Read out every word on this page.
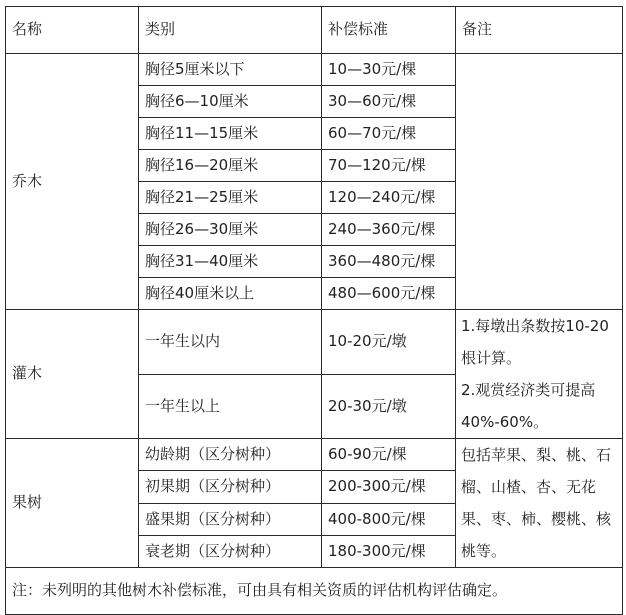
名称	类别	补偿标准	备注
乔木	胸径5厘米以下	10—30元/棵	
	胸径6—10厘米	30—60元/棵	
	胸径11—15厘米	60—70元/棵	
	胸径16—20厘米	70—120元/棵	
	胸径21—25厘米	120—240元/棵	
	胸径26—30厘米	240—360元/棵	
	胸径31—40厘米	360—480元/棵	
	胸径40厘米以上	480—600元/棵	
灌木	一年生以内	10-20元/墩	1.每墩出条数按10-20根计算。
2.观赏经济类可提高40%-60%。

	一年生以上	20-30元/墩	
果树	幼龄期（区分树种）	60-90元/棵	包括苹果、梨、桃、石榴、山楂、杏、无花果、枣、柿、樱桃、核桃等。

	初果期（区分树种）	200-300元/棵	
	盛果期（区分树种）	400-800元/棵	
	衰老期（区分树种）	180-300元/棵	
注：未列明的其他树木补偿标准，可由具有相关资质的评估机构评估确定。			
